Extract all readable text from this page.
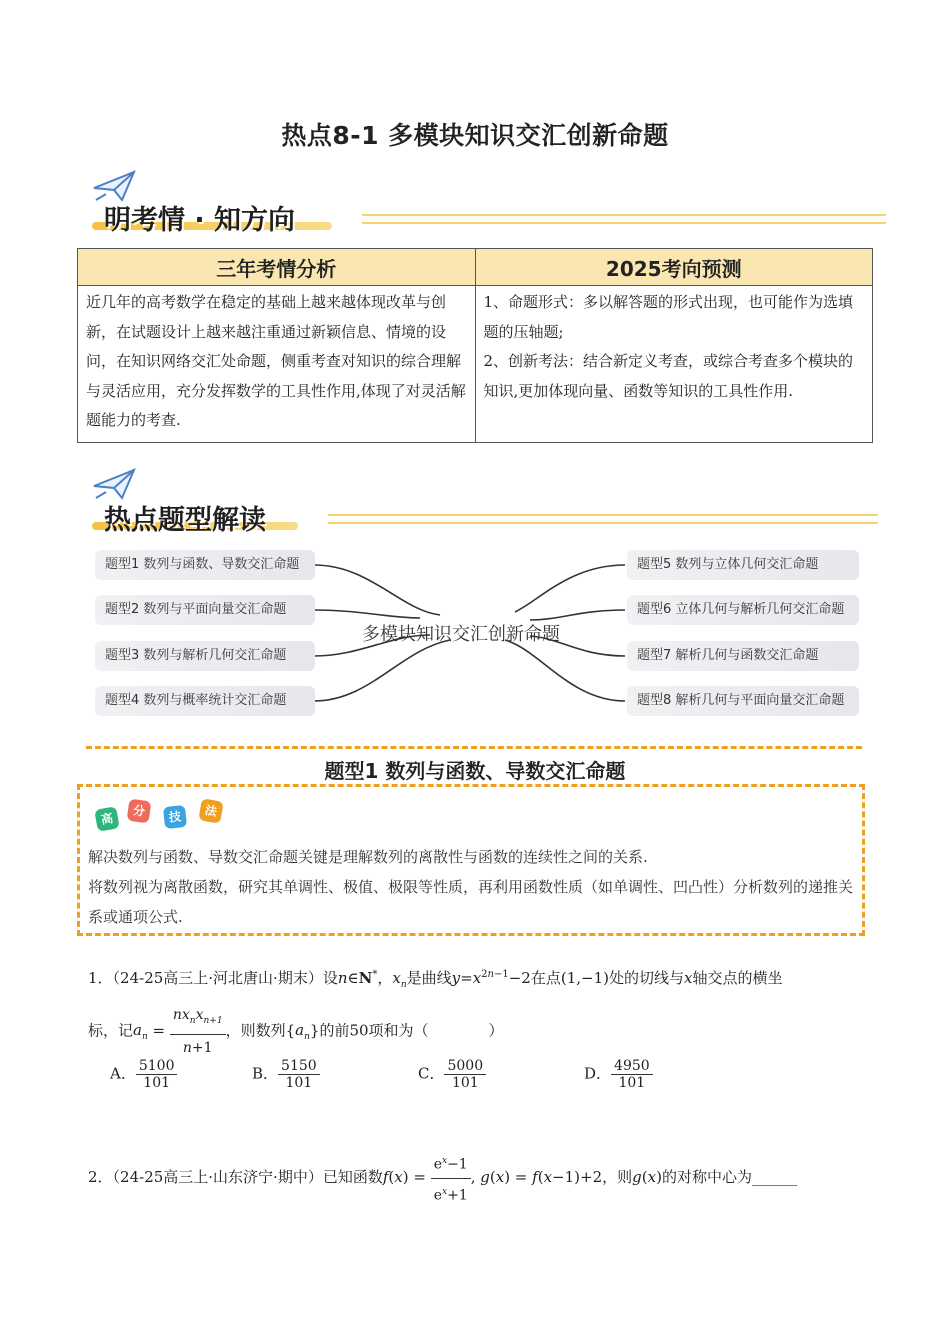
热点8-1 多模块知识交汇创新命题
明考情 · 知方向
三年考情分析	2025考向预测
近几年的高考数学在稳定的基础上越来越体现改革与创新，在试题设计上越来越注重通过新颖信息、情境的设问，在知识网络交汇处命题，侧重考查对知识的综合理解与灵活应用，充分发挥数学的工具性作用,体现了对灵活解题能力的考查.	1、命题形式：多以解答题的形式出现，也可能作为选填题的压轴题;
2、创新考法：结合新定义考查，或综合考查多个模块的知识,更加体现向量、函数等知识的工具性作用.
热点题型解读
题型1 数列与函数、导数交汇命题
题型2 数列与平面向量交汇命题
题型3 数列与解析几何交汇命题
题型4 数列与概率统计交汇命题
题型5 数列与立体几何交汇命题
题型6 立体几何与解析几何交汇命题
题型7 解析几何与函数交汇命题
题型8 解析几何与平面向量交汇命题
多模块知识交汇创新命题
题型1 数列与函数、导数交汇命题
高
分	技	法
解决数列与函数、导数交汇命题关键是理解数列的离散性与函数的连续性之间的关系.
将数列视为离散函数，研究其单调性、极值、极限等性质，再利用函数性质（如单调性、凹凸性）分析数列的递推关系或通项公式.
1．（24-25高三上·河北唐山·期末）设n∈N*，$x_n$是曲线$y=x^{2n-1}-2$在点(1,−1)处的切线与x轴交点的横坐
标，记$a_n = \frac{nx_nx_{n+1}}{n+1}$ ，则数列$\{a_n\}$的前50项和为（　　　　）
A． $\frac{5100}{101}$	B． $\frac{5150}{101}$	C． $\frac{5000}{101}$	D． $\frac{4950}{101}$
2．（24-25高三上·山东济宁·期中）已知函数$f(x) = \frac{e^x-1}{e^x+1}$ , g(x) = f(x−1)+2，则g(x)的对称中心为______
